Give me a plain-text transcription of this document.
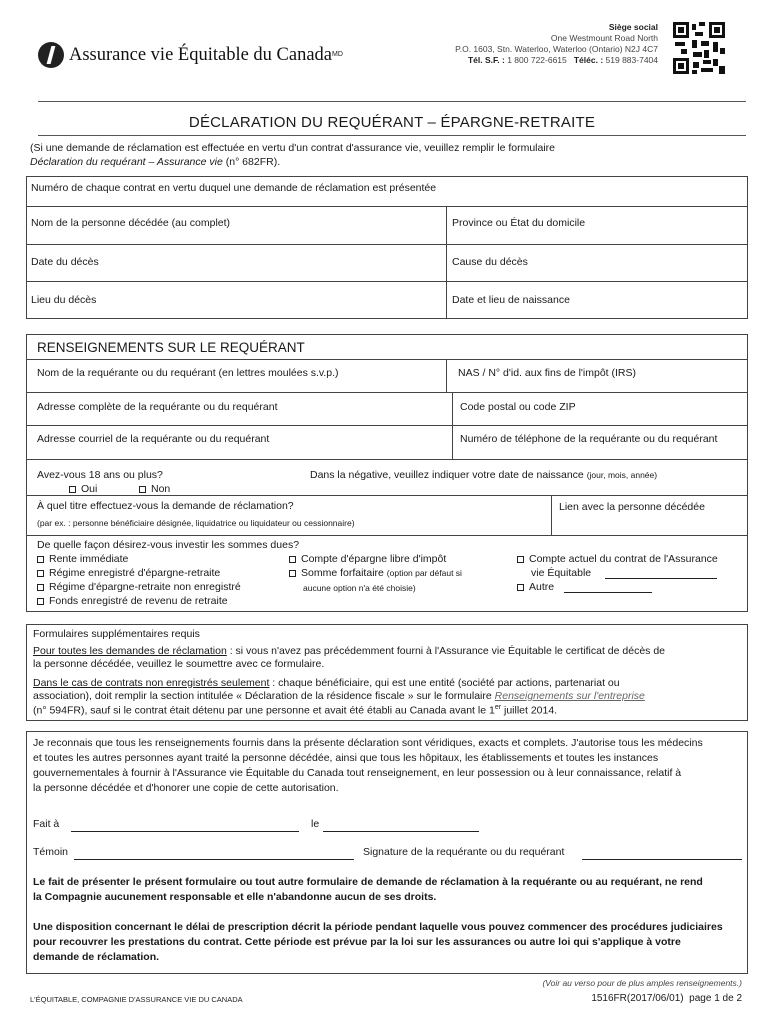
Assurance vie Équitable du Canada MD
Siège social
One Westmount Road North
P.O. 1603, Stn. Waterloo, Waterloo (Ontario) N2J 4C7
Tél. S.F. : 1 800 722-6615 Téléc. : 519 883-7404
DÉCLARATION DU REQUÉRANT – ÉPARGNE-RETRAITE
(Si une demande de réclamation est effectuée en vertu d'un contrat d'assurance vie, veuillez remplir le formulaire
Déclaration du requérant – Assurance vie (n° 682FR).
Numéro de chaque contrat en vertu duquel une demande de réclamation est présentée
Nom de la personne décédée (au complet)	Province ou État du domicile
Date du décès	Cause du décès
Lieu du décès	Date et lieu de naissance
RENSEIGNEMENTS SUR LE REQUÉRANT
Nom de la requérante ou du requérant (en lettres moulées s.v.p.)	NAS / N° d'id. aux fins de l'impôt (IRS)
Adresse complète de la requérante ou du requérant	Code postal ou code ZIP
Adresse courriel de la requérante ou du requérant	Numéro de téléphone de la requérante ou du requérant
Avez-vous 18 ans ou plus?
Oui	Non
Dans la négative, veuillez indiquer votre date de naissance (jour, mois, année)
À quel titre effectuez-vous la demande de réclamation?
(par ex. : personne bénéficiaire désignée, liquidatrice ou liquidateur ou cessionnaire)
Lien avec la personne décédée
De quelle façon désirez-vous investir les sommes dues?
Rente immédiate
Régime enregistré d'épargne-retraite
Régime d'épargne-retraite non enregistré
Fonds enregistré de revenu de retraite
Compte d'épargne libre d'impôt
Somme forfaitaire (option par défaut si
aucune option n'a été choisie)
Compte actuel du contrat de l'Assurance
vie Équitable
Autre
Formulaires supplémentaires requis
Pour toutes les demandes de réclamation : si vous n'avez pas précédemment fourni à l'Assurance vie Équitable le certificat de décès de
la personne décédée, veuillez le soumettre avec ce formulaire.
Dans le cas de contrats non enregistrés seulement : chaque bénéficiaire, qui est une entité (société par actions, partenariat ou
association), doit remplir la section intitulée « Déclaration de la résidence fiscale » sur le formulaire Renseignements sur l'entreprise
(n° 594FR), sauf si le contrat était détenu par une personne et avait été établi au Canada avant le 1er juillet 2014.
Je reconnais que tous les renseignements fournis dans la présente déclaration sont véridiques, exacts et complets. J'autorise tous les médecins
et toutes les autres personnes ayant traité la personne décédée, ainsi que tous les hôpitaux, les établissements et toutes les instances
gouvernementales à fournir à l'Assurance vie Équitable du Canada tout renseignement, en leur possession ou à leur connaissance, relatif à
la personne décédée et d'honorer une copie de cette autorisation.
Fait à	le
Témoin	Signature de la requérante ou du requérant
Le fait de présenter le présent formulaire ou tout autre formulaire de demande de réclamation à la requérante ou au requérant, ne rend
la Compagnie aucunement responsable et elle n'abandonne aucun de ses droits.
Une disposition concernant le délai de prescription décrit la période pendant laquelle vous pouvez commencer des procédures judiciaires
pour recouvrer les prestations du contrat. Cette période est prévue par la loi sur les assurances ou autre loi qui s'applique à votre
demande de réclamation.
(Voir au verso pour de plus amples renseignements.)
L'ÉQUITABLE, COMPAGNIE D'ASSURANCE VIE DU CANADA	1516FR(2017/06/01) page 1 de 2
